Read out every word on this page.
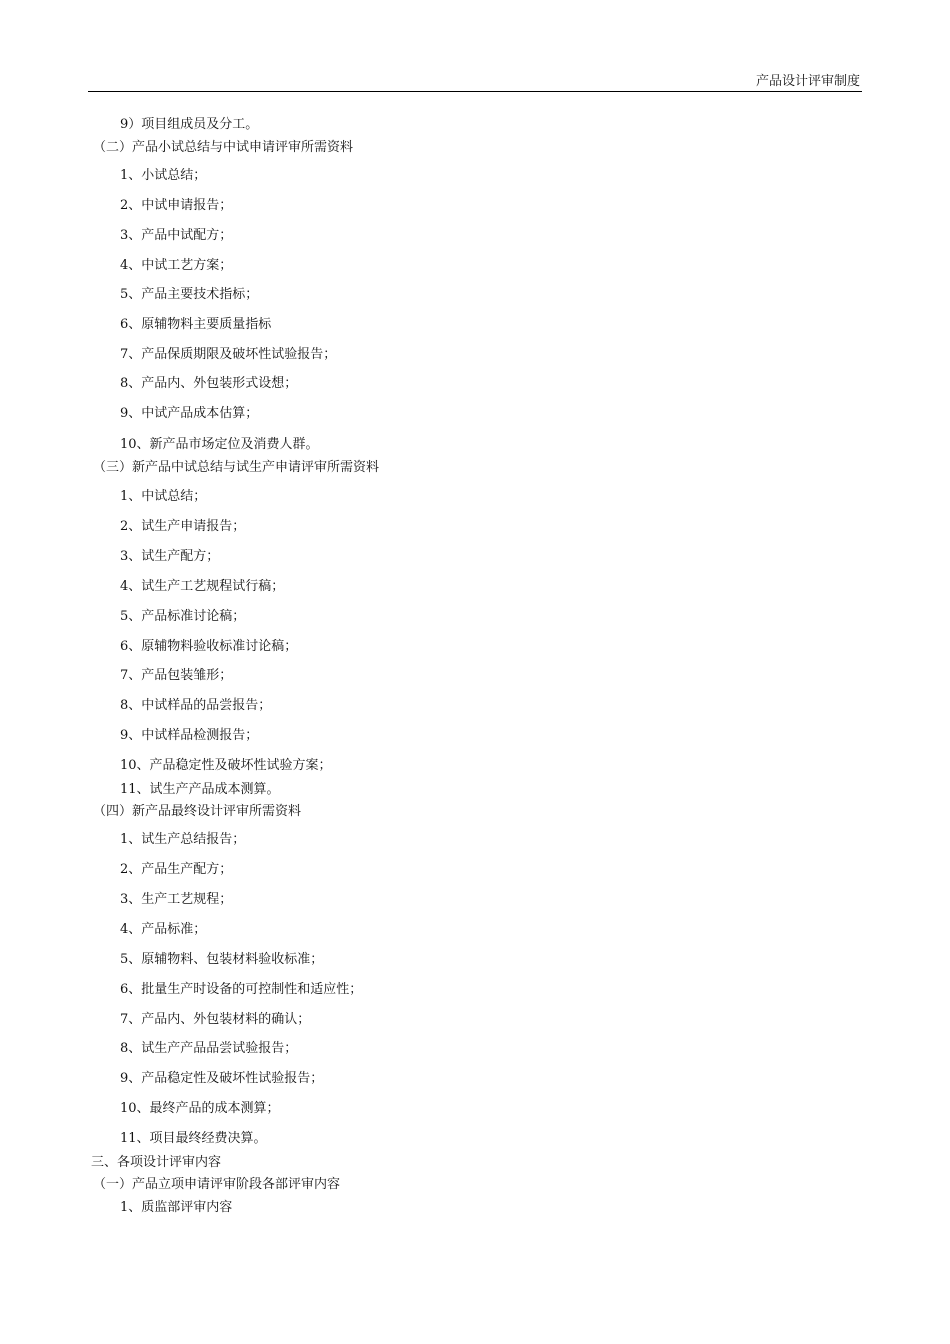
产品设计评审制度
9）项目组成员及分工。
（二）产品小试总结与中试申请评审所需资料
1、小试总结；
2、中试申请报告；
3、产品中试配方；
4、中试工艺方案；
5、产品主要技术指标；
6、原辅物料主要质量指标
7、产品保质期限及破坏性试验报告；
8、产品内、外包装形式设想；
9、中试产品成本估算；
10、新产品市场定位及消费人群。
（三）新产品中试总结与试生产申请评审所需资料
1、中试总结；
2、试生产申请报告；
3、试生产配方；
4、试生产工艺规程试行稿；
5、产品标准讨论稿；
6、原辅物料验收标准讨论稿；
7、产品包装雏形；
8、中试样品的品尝报告；
9、中试样品检测报告；
10、产品稳定性及破坏性试验方案；
11、试生产产品成本测算。
（四）新产品最终设计评审所需资料
1、试生产总结报告；
2、产品生产配方；
3、生产工艺规程；
4、产品标准；
5、原辅物料、包装材料验收标准；
6、批量生产时设备的可控制性和适应性；
7、产品内、外包装材料的确认；
8、试生产产品品尝试验报告；
9、产品稳定性及破坏性试验报告；
10、最终产品的成本测算；
11、项目最终经费决算。
三、各项设计评审内容
（一）产品立项申请评审阶段各部评审内容
1、质监部评审内容
